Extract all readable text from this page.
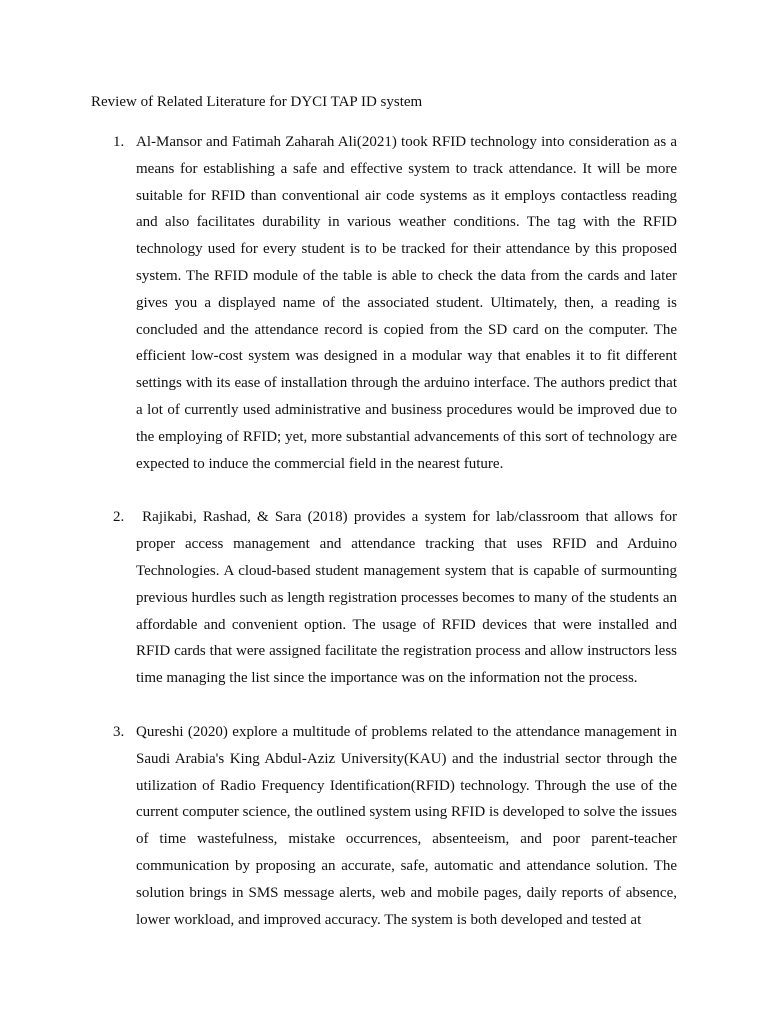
Review of Related Literature for DYCI TAP ID system

1. Al-Mansor and Fatimah Zaharah Ali(2021) took RFID technology into consideration as a means for establishing a safe and effective system to track attendance. It will be more suitable for RFID than conventional air code systems as it employs contactless reading and also facilitates durability in various weather conditions. The tag with the RFID technology used for every student is to be tracked for their attendance by this proposed system. The RFID module of the table is able to check the data from the cards and later gives you a displayed name of the associated student. Ultimately, then, a reading is concluded and the attendance record is copied from the SD card on the computer. The efficient low-cost system was designed in a modular way that enables it to fit different settings with its ease of installation through the arduino interface. The authors predict that a lot of currently used administrative and business procedures would be improved due to the employing of RFID; yet, more substantial advancements of this sort of technology are expected to induce the commercial field in the nearest future.
2. Rajikabi, Rashad, & Sara (2018) provides a system for lab/classroom that allows for proper access management and attendance tracking that uses RFID and Arduino Technologies. A cloud-based student management system that is capable of surmounting previous hurdles such as length registration processes becomes to many of the students an affordable and convenient option. The usage of RFID devices that were installed and RFID cards that were assigned facilitate the registration process and allow instructors less time managing the list since the importance was on the information not the process.
3. Qureshi (2020) explore a multitude of problems related to the attendance management in Saudi Arabia's King Abdul-Aziz University(KAU) and the industrial sector through the utilization of Radio Frequency Identification(RFID) technology. Through the use of the current computer science, the outlined system using RFID is developed to solve the issues of time wastefulness, mistake occurrences, absenteeism, and poor parent-teacher communication by proposing an accurate, safe, automatic and attendance solution. The solution brings in SMS message alerts, web and mobile pages, daily reports of absence, lower workload, and improved accuracy. The system is both developed and tested at
